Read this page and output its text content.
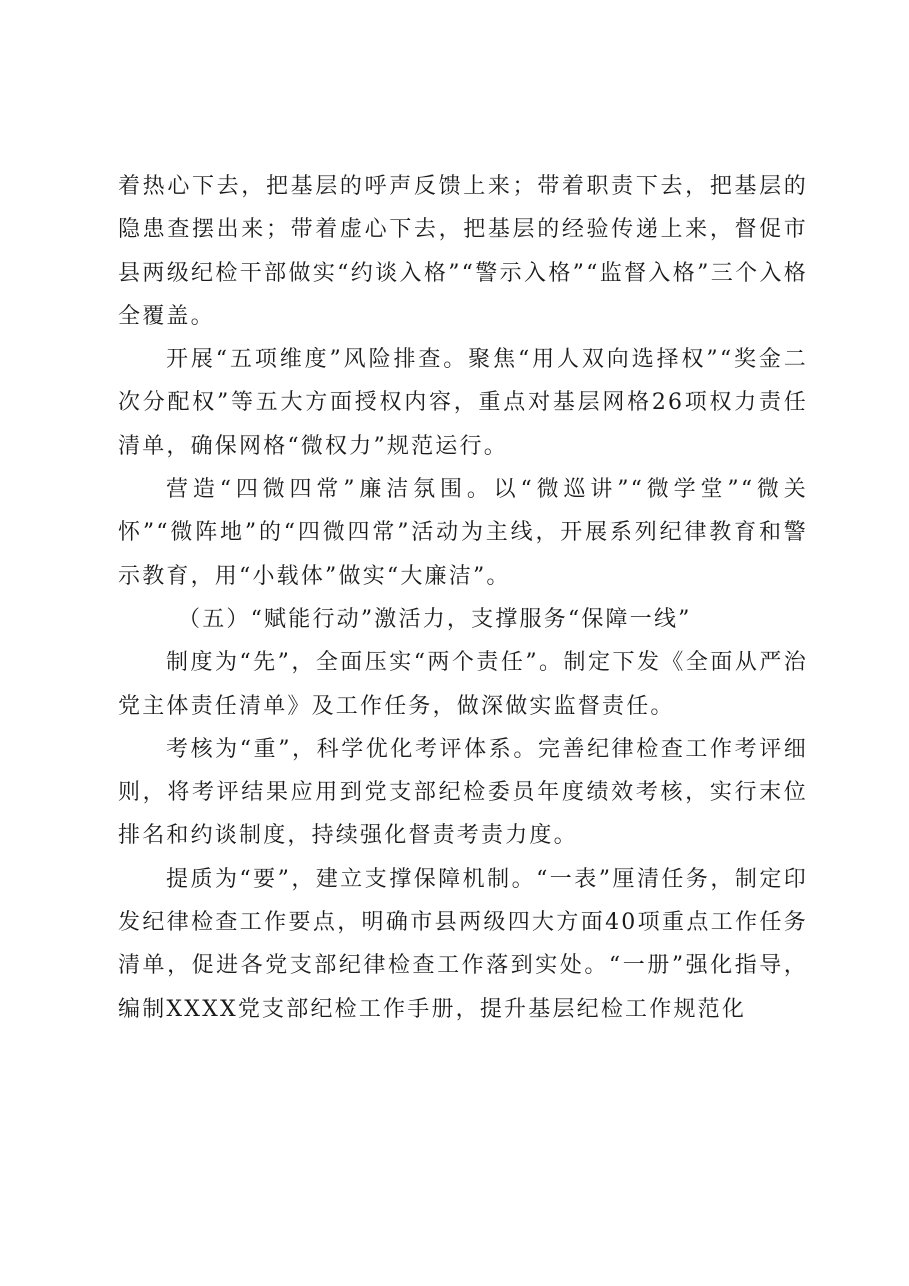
着热心下去，把基层的呼声反馈上来；带着职责下去，把基层的隐患查摆出来；带着虚心下去，把基层的经验传递上来，督促市县两级纪检干部做实“约谈入格”“警示入格”“监督入格”三个入格全覆盖。

开展“五项维度”风险排查。聚焦“用人双向选择权”“奖金二次分配权”等五大方面授权内容，重点对基层网格26项权力责任清单，确保网格“微权力”规范运行。

营造“四微四常”廉洁氛围。以“微巡讲”“微学堂”“微关怀”“微阵地”的“四微四常”活动为主线，开展系列纪律教育和警示教育，用“小载体”做实“大廉洁”。

（五）“赋能行动”激活力，支撑服务“保障一线”

制度为“先”，全面压实“两个责任”。制定下发《全面从严治党主体责任清单》及工作任务，做深做实监督责任。

考核为“重”，科学优化考评体系。完善纪律检查工作考评细则，将考评结果应用到党支部纪检委员年度绩效考核，实行末位排名和约谈制度，持续强化督责考责力度。

提质为“要”，建立支撑保障机制。“一表”厘清任务，制定印发纪律检查工作要点，明确市县两级四大方面40项重点工作任务清单，促进各党支部纪律检查工作落到实处。“一册”强化指导，编制XXXX党支部纪检工作手册，提升基层纪检工作规范化
